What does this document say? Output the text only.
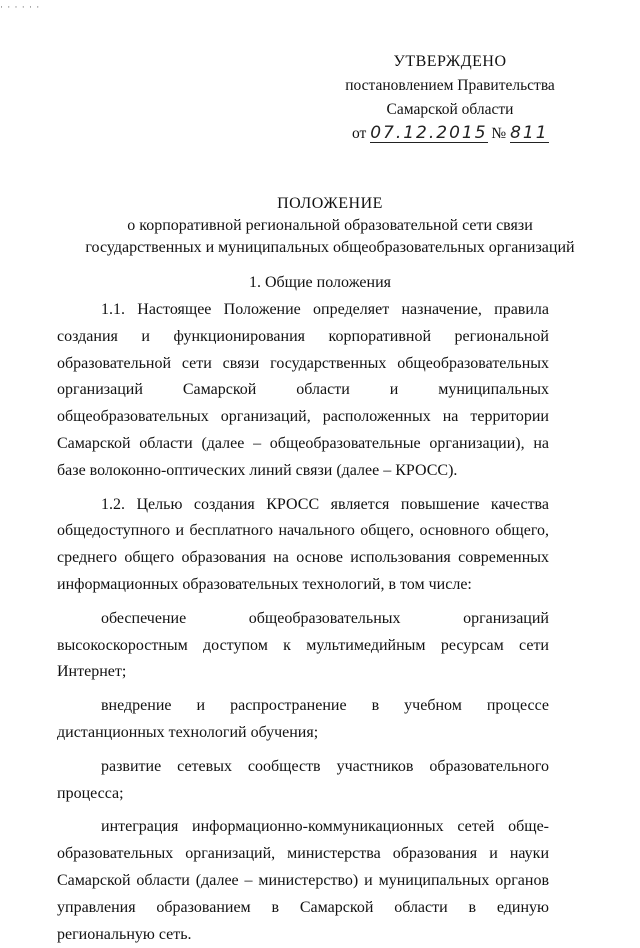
· · · · · ·
УТВЕРЖДЕНО
постановлением Правительства
Самарской области
от 07.12.2015 № 811
ПОЛОЖЕНИЕ
о корпоративной региональной образовательной сети связи
государственных и муниципальных общеобразовательных организаций
1. Общие положения

1.1. Настоящее Положение определяет назначение, правила создания и функционирования корпоративной региональной образовательной сети связи государственных общеобразовательных организаций Самарской области и муниципальных общеобразовательных организаций, расположенных на территории Самарской области (далее – общеобразовательные организации), на базе волоконно-оптических линий связи (далее – КРОСС).

1.2. Целью создания КРОСС является повышение качества общедоступного и бесплатного начального общего, основного общего, среднего общего образования на основе использования современных информационных образовательных технологий, в том числе:

обеспечение общеобразовательных организаций высокоскоростным доступом к мультимедийным ресурсам сети Интернет;

внедрение и распространение в учебном процессе дистанционных технологий обучения;

развитие сетевых сообществ участников образовательного процесса;

интеграция информационно-коммуникационных сетей обще-образовательных организаций, министерства образования и науки Самарской области (далее – министерство) и муниципальных органов управления образованием в Самарской области в единую региональную сеть.
